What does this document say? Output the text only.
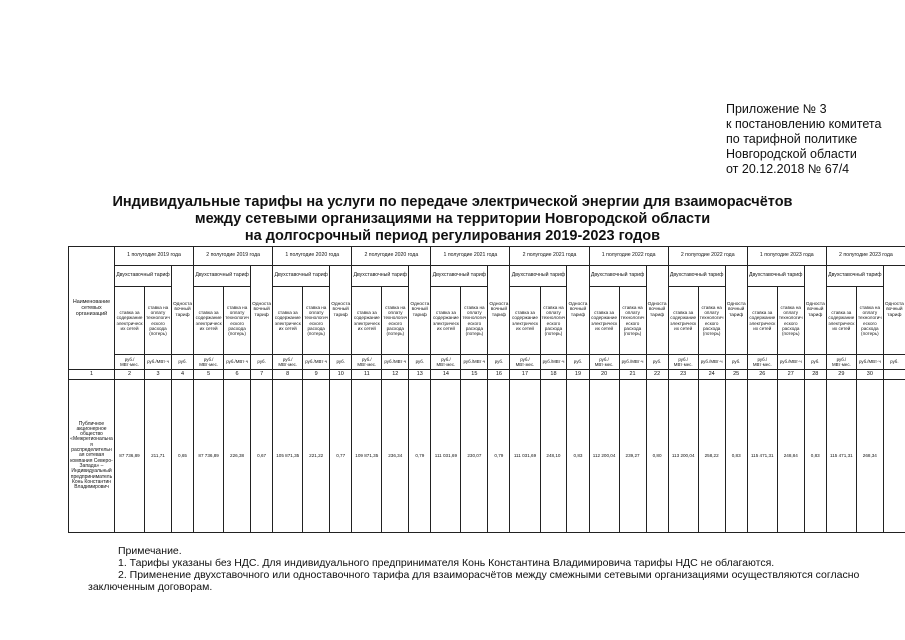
Приложение № 3
к постановлению комитета
по тарифной политике
Новгородской области
от 20.12.2018 № 67/4
Индивидуальные тарифы на услуги по передаче электрической энергии для взаиморасчётов
между сетевыми организациями на территории Новгородской области
на долгосрочный период регулирования 2019-2023 годов
Наименование сетевых организаций	1 полугодие 2019 года			2 полугодие 2019 года			1 полугодие 2020 года			2 полугодие 2020 года			1 полугодие 2021 года			2 полугодие 2021 года			1 полугодие 2022 года			2 полугодие 2022 года			1 полугодие 2023 года			2 полугодие 2023 года		
	Двухставочный тариф		Одноставочный тариф	Двухставочный тариф		Одноставочный тариф	Двухставочный тариф		Одноставочный тариф	Двухставочный тариф		Одноставочный тариф	Двухставочный тариф		Одноставочный тариф	Двухставочный тариф		Одноставочный тариф	Двухставочный тариф		Одноставочный тариф	Двухставочный тариф		Одноставочный тариф	Двухставочный тариф		Одноставочный тариф	Двухставочный тариф		Одноставочный тариф
	ставка за содержание электрических сетей	ставка на оплату технологического расхода (потерь)		ставка за содержание электрических сетей	ставка на оплату технологического расхода (потерь)		ставка за содержание электрических сетей	ставка на оплату технологического расхода (потерь)		ставка за содержание электрических сетей	ставка на оплату технологического расхода (потерь)		ставка за содержание электрических сетей	ставка на оплату технологического расхода (потерь)		ставка за содержание электрических сетей	ставка на оплату технологического расхода (потерь)		ставка за содержание электрических сетей	ставка на оплату технологического расхода (потерь)		ставка за содержание электрических сетей	ставка на оплату технологического расхода (потерь)		ставка за содержание электрических сетей	ставка на оплату технологического расхода (потерь)		ставка за содержание электрических сетей	ставка на оплату технологического расхода (потерь)	
	руб./МВт·мес.	руб./МВт·ч	руб.	руб./МВт·мес.	руб./МВт·ч	руб.	руб./МВт·мес.	руб./МВт·ч	руб.	руб./МВт·мес.	руб./МВт·ч	руб.	руб./МВт·мес.	руб./МВт·ч	руб.	руб./МВт·мес.	руб./МВт·ч	руб.	руб./МВт·мес.	руб./МВт·ч	руб.	руб./МВт·мес.	руб./МВт·ч	руб.	руб./МВт·мес.	руб./МВт·ч	руб.	руб./МВт·мес.	руб./МВт·ч	руб.
1	2	3	4	5	6	7	8	9	10	11	12	13	14	15	16	17	18	19	20	21	22	23	24	25	26	27	28	29	30	
Публичное акционерное общество «Межрегиональная распределительная сетевая компания Северо-Запада» – Индивидуальный предприниматель Конь Константин Владимирович	87 736,89	211,71	0,65	87 736,89	226,38	0,67	105 871,35	221,22	0,77	109 871,35	236,34	0,79	111 031,69	230,07	0,79	111 031,69	248,10	0,83	112 200,04	239,27	0,80	113 200,04	258,22	0,83	115 471,31	248,84	0,83	115 471,31	268,34	
Примечание.
1. Тарифы указаны без НДС. Для индивидуального предпринимателя Конь Константина Владимировича тарифы НДС не облагаются.
2. Применение двухставочного или одноставочного тарифа для взаиморасчётов между смежными сетевыми организациями осуществляются согласно
заключенным договорам.
